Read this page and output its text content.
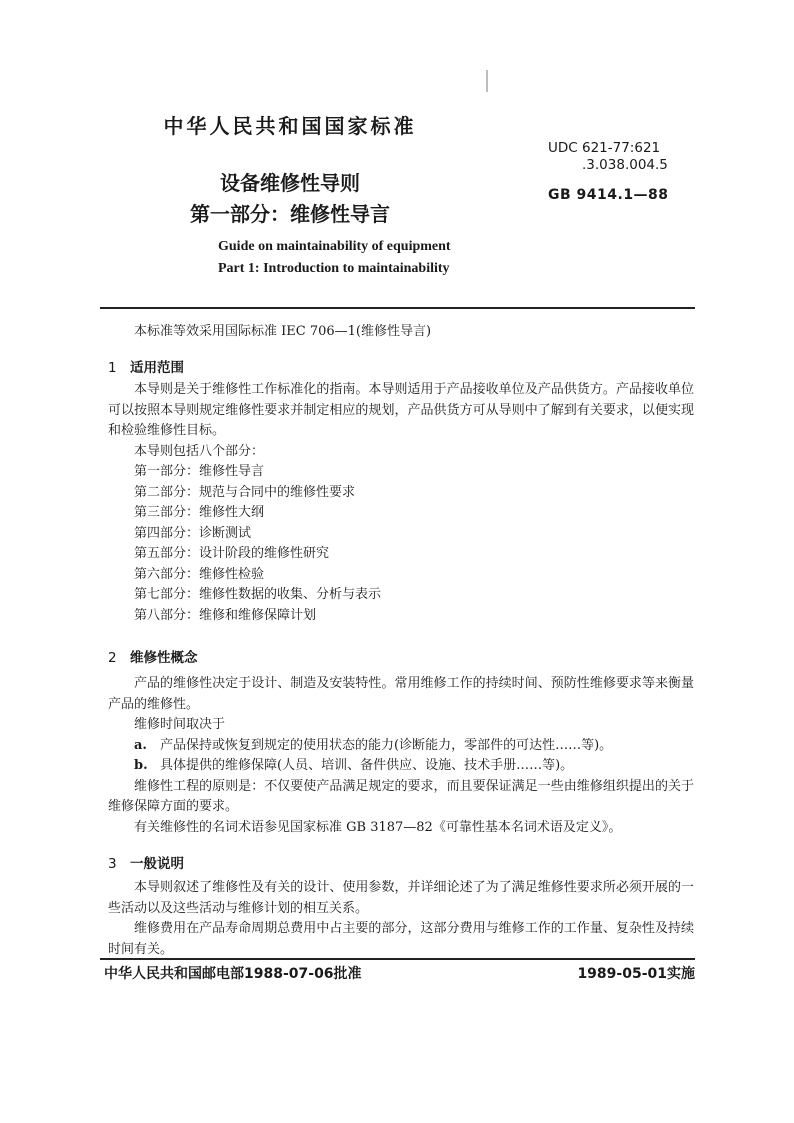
中华人民共和国国家标准
UDC 621-77:621
.3.038.004.5
GB 9414.1—88
设备维修性导则
第一部分：维修性导言
Guide on maintainability of equipment
Part 1: Introduction to maintainability
本标准等效采用国际标准 IEC 706—1(维修性导言)
1 适用范围
本导则是关于维修性工作标准化的指南。本导则适用于产品接收单位及产品供货方。产品接收单位可以按照本导则规定维修性要求并制定相应的规划，产品供货方可从导则中了解到有关要求，以便实现和检验维修性目标。
本导则包括八个部分：
第一部分：维修性导言
第二部分：规范与合同中的维修性要求
第三部分：维修性大纲
第四部分：诊断测试
第五部分：设计阶段的维修性研究
第六部分：维修性检验
第七部分：维修性数据的收集、分析与表示
第八部分：维修和维修保障计划
2 维修性概念
产品的维修性决定于设计、制造及安装特性。常用维修工作的持续时间、预防性维修要求等来衡量产品的维修性。
维修时间取决于
a. 产品保持或恢复到规定的使用状态的能力(诊断能力，零部件的可达性……等)。
b. 具体提供的维修保障(人员、培训、备件供应、设施、技术手册……等)。
维修性工程的原则是：不仅要使产品满足规定的要求，而且要保证满足一些由维修组织提出的关于维修保障方面的要求。
有关维修性的名词术语参见国家标准 GB 3187—82《可靠性基本名词术语及定义》。
3 一般说明
本导则叙述了维修性及有关的设计、使用参数，并详细论述了为了满足维修性要求所必须开展的一些活动以及这些活动与维修计划的相互关系。
维修费用在产品寿命周期总费用中占主要的部分，这部分费用与维修工作的工作量、复杂性及持续时间有关。
中华人民共和国邮电部1988-07-06批准	1989-05-01实施
